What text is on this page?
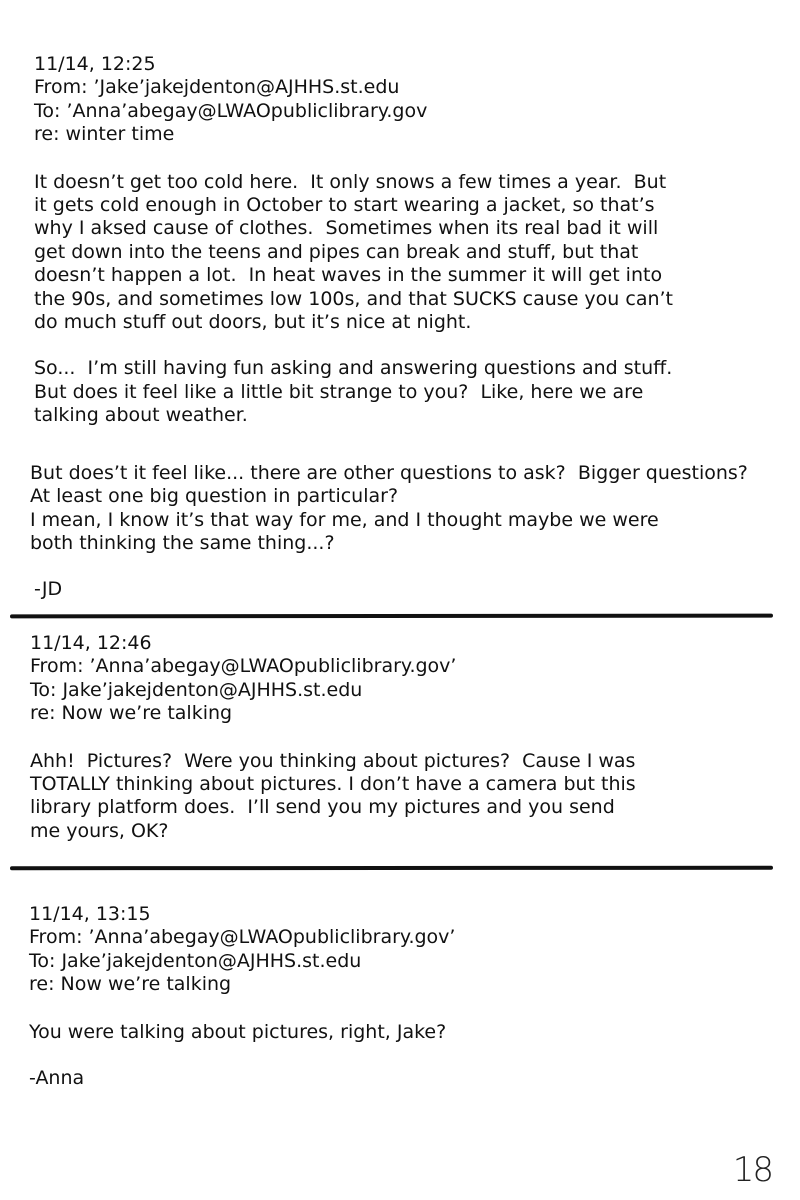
11/14, 12:25
From: ’Jake’jakejdenton@AJHHS.st.edu
To: ’Anna’abegay@LWAOpubliclibrary.gov
re: winter time
It doesn’t get too cold here.  It only snows a few times a year.  But
it gets cold enough in October to start wearing a jacket, so that’s
why I aksed cause of clothes.  Sometimes when its real bad it will
get down into the teens and pipes can break and stuff, but that
doesn’t happen a lot.  In heat waves in the summer it will get into
the 90s, and sometimes low 100s, and that SUCKS cause you can’t
do much stuff out doors, but it’s nice at night.
So...  I’m still having fun asking and answering questions and stuff.
But does it feel like a little bit strange to you?  Like, here we are
talking about weather.
But does’t it feel like... there are other questions to ask?  Bigger questions?
At least one big question in particular?
I mean, I know it’s that way for me, and I thought maybe we were
both thinking the same thing...?
-JD
11/14, 12:46
From: ’Anna’abegay@LWAOpubliclibrary.gov’
To: Jake’jakejdenton@AJHHS.st.edu
re: Now we’re talking
Ahh!  Pictures?  Were you thinking about pictures?  Cause I was
TOTALLY thinking about pictures. I don’t have a camera but this
library platform does.  I’ll send you my pictures and you send
me yours, OK?
11/14, 13:15
From: ’Anna’abegay@LWAOpubliclibrary.gov’
To: Jake’jakejdenton@AJHHS.st.edu
re: Now we’re talking
You were talking about pictures, right, Jake?
-Anna
18
